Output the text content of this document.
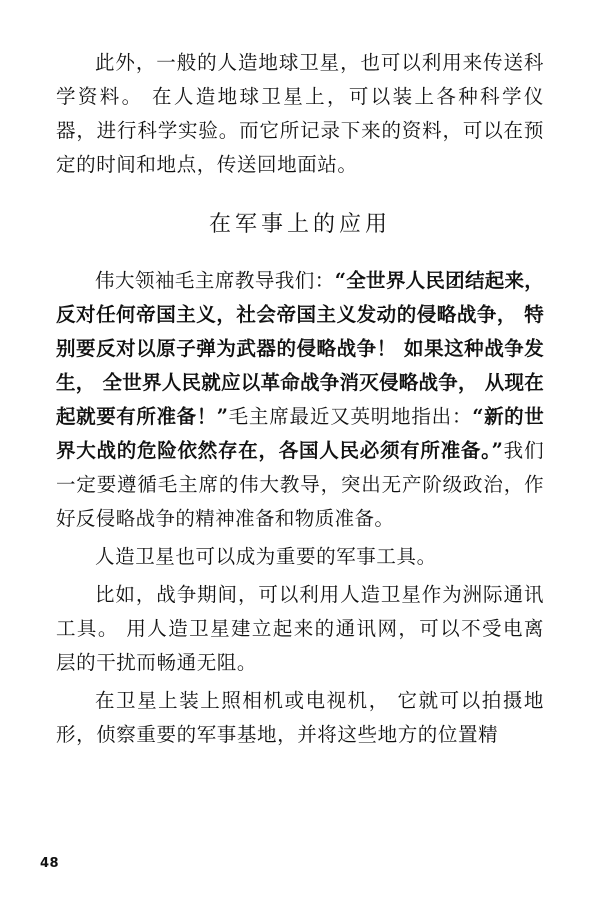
此外，一般的人造地球卫星，也可以利用来传送科学资料。 在人造地球卫星上，可以装上各种科学仪器，进行科学实验。而它所记录下来的资料，可以在预定的时间和地点，传送回地面站。

在军事上的应用

伟大领袖毛主席教导我们：“全世界人民团结起来，反对任何帝国主义，社会帝国主义发动的侵略战争， 特别要反对以原子弹为武器的侵略战争！ 如果这种战争发生， 全世界人民就应以革命战争消灭侵略战争， 从现在起就要有所准备！”毛主席最近又英明地指出：“新的世界大战的危险依然存在，各国人民必须有所准备。”我们一定要遵循毛主席的伟大教导，突出无产阶级政治，作好反侵略战争的精神准备和物质准备。

人造卫星也可以成为重要的军事工具。

比如，战争期间，可以利用人造卫星作为洲际通讯工具。 用人造卫星建立起来的通讯网，可以不受电离层的干扰而畅通无阻。

在卫星上装上照相机或电视机， 它就可以拍摄地形，侦察重要的军事基地，并将这些地方的位置精

48
